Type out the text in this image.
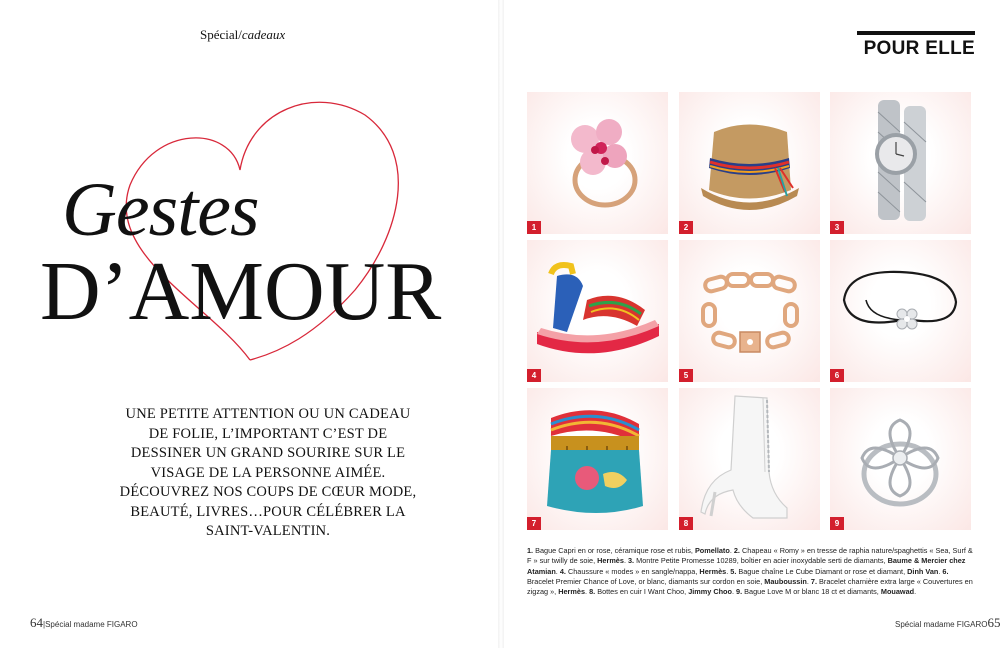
Spécial/cadeaux
Gestes
D’AMOUR
UNE PETITE ATTENTION OU UN CADEAU DE FOLIE, L’IMPORTANT C’EST DE DESSINER UN GRAND SOURIRE SUR LE VISAGE DE LA PERSONNE AIMÉE. DÉCOUVREZ NOS COUPS DE CŒUR MODE, BEAUTÉ, LIVRES…POUR CÉLÉBRER LA SAINT-VALENTIN.
64|Spécial madame FIGARO
POUR ELLE
1	2	3
4	5	6
7	8	9
1. Bague Capri en or rose, céramique rose et rubis, Pomellato. 2. Chapeau « Romy » en tresse de raphia nature/spaghettis « Sea, Surf & F » sur twilly de soie, Hermès. 3. Montre Petite Promesse 10289, boîtier en acier inoxydable serti de diamants, Baume & Mercier chez Atamian. 4. Chaussure « modes » en sangle/nappa, Hermès. 5. Bague chaîne Le Cube Diamant or rose et diamant, Dinh Van. 6. Bracelet Premier Chance of Love, or blanc, diamants sur cordon en soie, Mauboussin. 7. Bracelet charnière extra large « Couvertures en zigzag », Hermès. 8. Bottes en cuir I Want Choo, Jimmy Choo. 9. Bague Love M or blanc 18 ct et diamants, Mouawad.
Spécial madame FIGARO65
